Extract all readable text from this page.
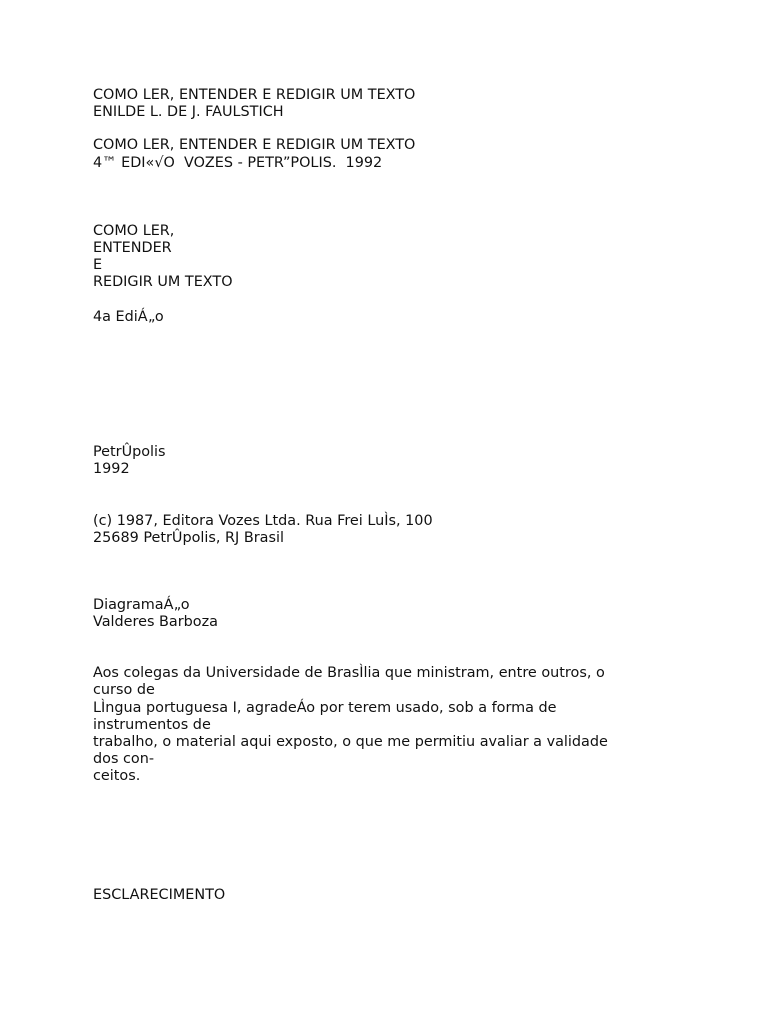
COMO LER, ENTENDER E REDIGIR UM TEXTO
ENILDE L. DE J. FAULSTICH
COMO LER, ENTENDER E REDIGIR UM TEXTO
4™ EDI«√O  VOZES - PETR”POLIS.  1992
COMO LER,
ENTENDER
E
REDIGIR UM TEXTO
4a EdiÁ„o
PetrÛpolis
1992
(c) 1987, Editora Vozes Ltda. Rua Frei LuÌs, 100
25689 PetrÛpolis, RJ Brasil
DiagramaÁ„o
Valderes Barboza
Aos colegas da Universidade de BrasÌlia que ministram, entre outros, o
curso de
LÌngua portuguesa I, agradeÁo por terem usado, sob a forma de
instrumentos de
trabalho, o material aqui exposto, o que me permitiu avaliar a validade
dos con-
ceitos.
ESCLARECIMENTO
